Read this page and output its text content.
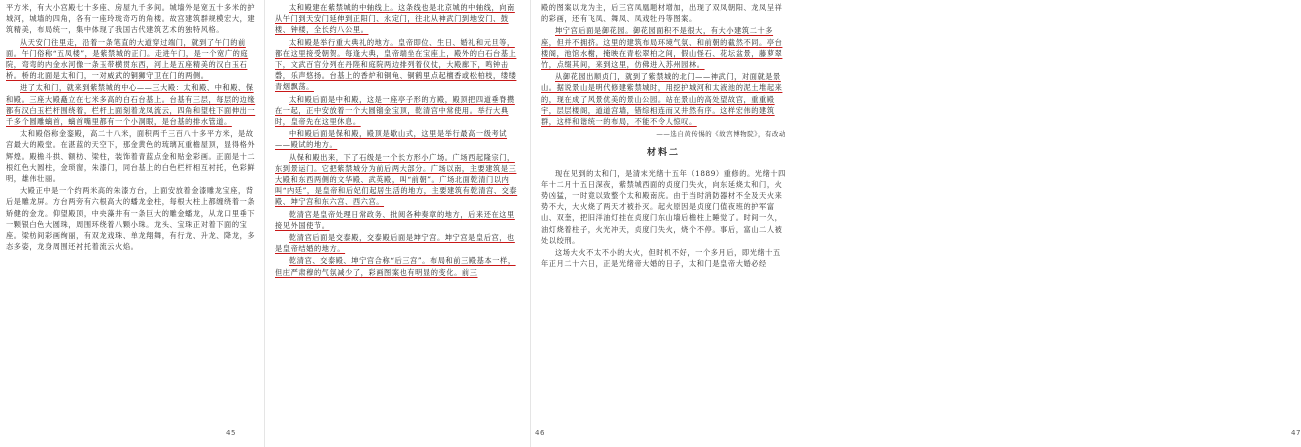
平方米，有大小宫殿七十多座、房屋九千多间。城墙外是宽五十多米的护城河，城墙的四角，各有一座玲珑奇巧的角楼。故宫建筑群规模宏大，建筑精美，布局统一，集中体现了我国古代建筑艺术的独特风格。

从天安门往里走，沿着一条笔直的大道穿过端门，就到了午门的前面。午门俗称“五凤楼”，是紫禁城的正门。走进午门，是一个宽广的庭院，弯弯的内金水河像一条玉带横贯东西，河上是五座精美的汉白玉石桥。桥的北面是太和门，一对威武的铜狮守卫在门的两侧。

进了太和门，就来到紫禁城的中心——三大殿：太和殿、中和殿、保和殿。三座大殿矗立在七米多高的白石台基上。台基有三层，每层的边缘都有汉白玉栏杆围绕着，栏杆上面刻着龙凤流云，四角和望柱下面伸出一千多个圆雕螭首，螭首嘴里都有一个小洞眼，是台基的排水管道。

太和殿俗称金銮殿，高二十八米，面积两千三百八十多平方米，是故宫最大的殿堂。在湛蓝的天空下，那金黄色的琉璃瓦重檐屋顶，显得格外辉煌。殿檐斗拱、额枋、梁柱，装饰着青蓝点金和贴金彩画。正面是十二根红色大圆柱，金琐窗，朱漆门，同台基上的白色栏杆相互衬托，色彩鲜明，雄伟壮丽。

大殿正中是一个约两米高的朱漆方台，上面安放着金漆雕龙宝座，背后是雕龙屏。方台两旁有六根高大的蟠龙金柱，每根大柱上都缠绕着一条矫健的金龙。仰望殿顶，中央藻井有一条巨大的雕金蟠龙，从龙口里垂下一颗银白色大圆珠，周围环绕着八颗小珠。龙头、宝珠正对着下面的宝座。梁枋间彩画绚丽，有双龙戏珠、单龙翔舞，有行龙、升龙、降龙，多态多姿，龙身周围还衬托着流云火焰。

45

太和殿建在紫禁城的中轴线上。这条线也是北京城的中轴线，向南从午门到天安门延伸到正阳门、永定门，往北从神武门到地安门、鼓楼、钟楼，全长约八公里。

太和殿是举行重大典礼的地方。皇帝即位、生日、婚礼和元旦等，都在这里接受朝贺。每逢大典，皇帝端坐在宝座上，殿外的白石台基上下，文武百官分列在丹陛和庭院两边排列着仪仗，大殿廊下，鸣钟击磬，乐声悠扬。台基上的香炉和铜龟、铜鹤里点起檀香或松柏枝，缕缕青烟飘荡。

太和殿后面是中和殿，这是一座亭子形的方殿，殿顶把四道垂脊攒在一起，正中安放着一个大圆镏金宝顶，乾清宫中常使用。举行大典时，皇帝先在这里休息。

中和殿后面是保和殿，殿顶是歇山式，这里是举行最高一级考试——殿试的地方。

从保和殿出来，下了石级是一个长方形小广场。广场西起隆宗门，东到景运门。它把紫禁城分为前后两大部分。广场以南，主要建筑是三大殿和东西两侧的文华殿、武英殿，叫“前朝”。广场北面乾清门以内叫“内廷”，是皇帝和后妃们起居生活的地方，主要建筑有乾清宫、交泰殿、坤宁宫和东六宫、西六宫。

乾清宫是皇帝处理日常政务、批阅各种奏章的地方，后来还在这里接见外国使节。

乾清宫后面是交泰殿，交泰殿后面是坤宁宫。坤宁宫是皇后宫，也是皇帝结婚的地方。

乾清宫、交泰殿、坤宁宫合称“后三宫”。布局和前三殿基本一样，但庄严肃穆的气氛减少了，彩画图案也有明显的变化。前三

46

殿的图案以龙为主，后三宫凤凰题材增加，出现了双凤朝阳、龙凤呈祥的彩画，还有飞凤、舞凤、凤戏牡丹等图案。

坤宁宫后面是御花园。御花园面积不是很大，有大小建筑二十多座，但并不拥挤。这里的建筑布局环境气氛、和前朝的截然不同。亭台楼阁，池馆水榭，掩映在青松翠柏之间，假山怪石、花坛盆景，藤萝翠竹，点缀其间，来到这里，仿佛进入苏州园林。

从御花园出顺贞门，就到了紫禁城的北门——神武门，对面就是景山。据说景山是明代修建紫禁城时，用挖护城河和太液池的泥土堆起来的，现在成了风景优美的景山公园。站在景山的高处望故宫，重重殿宇，层层楼阁，道道宫墙，错综相连而又井然有序。这样宏伟的建筑群，这样和谐统一的布局，不能不令人惊叹。

——选自黄传惕的《故宫博物院》，有改动
材料二

现在见到的太和门，是清末光绪十五年（1889）重修的。光绪十四年十二月十五日深夜，紫禁城西面的贞度门失火，向东延烧太和门，火势凶猛，一时竟以致整个太和殿南庑。由于当时消防器材不全及天火来势不大，大火烧了两天才被扑灭。起火原因是贞度门值夜班的护军富山、双奎，把旧洋油灯挂在贞度门东山墙后檐柱上睡觉了。时间一久，油灯烧着柱子，火光冲天，贞度门失火，烧个不停。事后，富山二人被处以绞刑。

这场大火不太不小的大火，但时机不好，一个多月后，即光绪十五年正月二十六日，正是光绪帝大婚的日子，太和门是皇帝大婚必经

47
